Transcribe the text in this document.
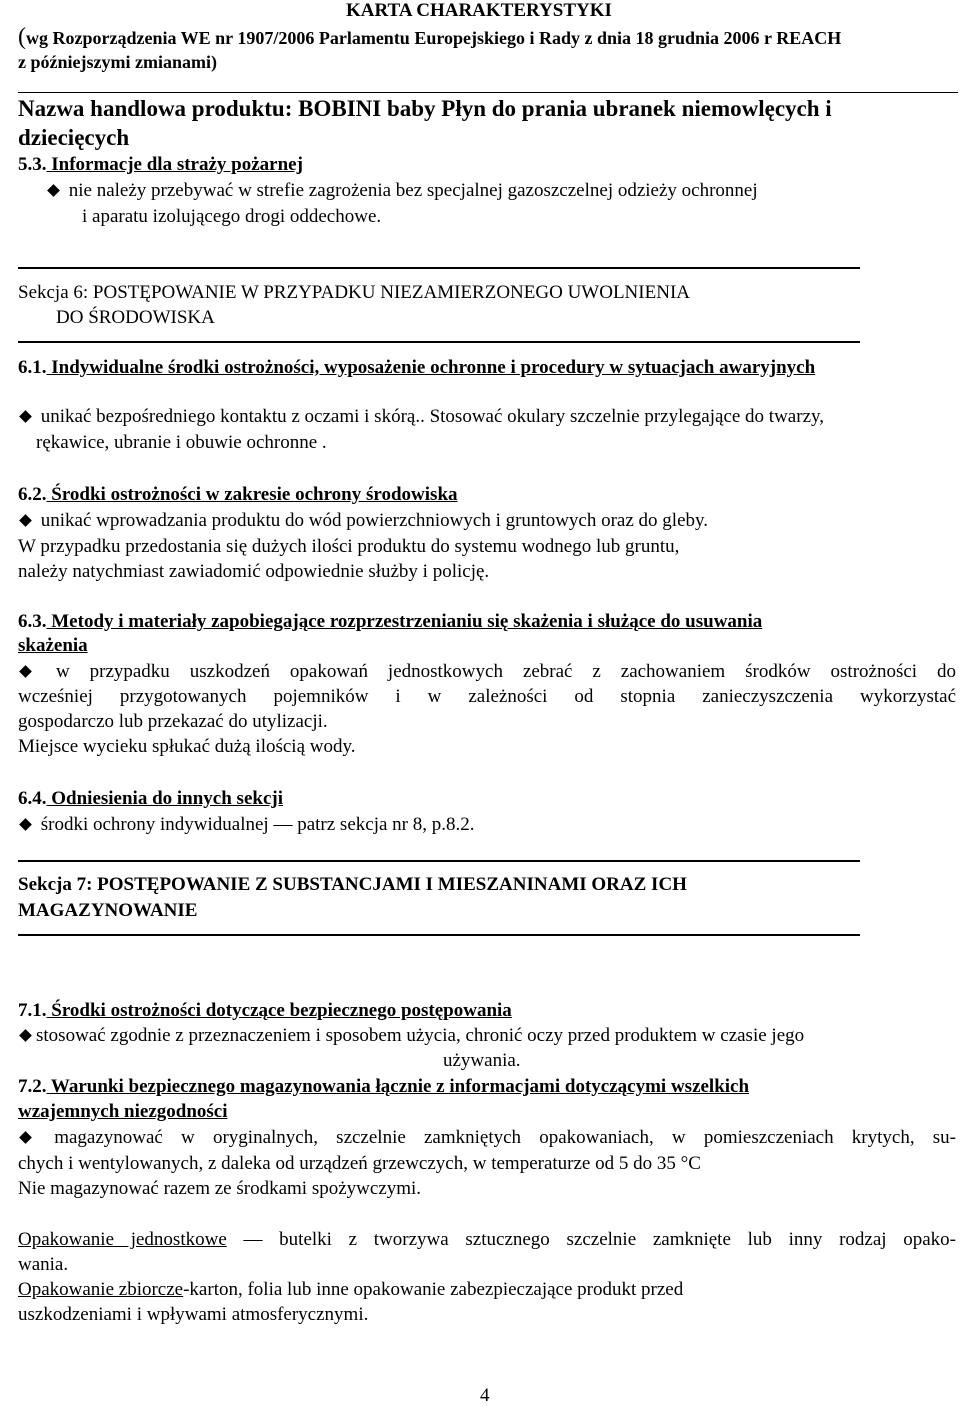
KARTA CHARAKTERYSTYKI
(wg Rozporządzenia WE nr 1907/2006 Parlamentu Europejskiego i Rady z dnia 18 grudnia 2006 r REACH
z późniejszymi zmianami)
Nazwa handlowa produktu: BOBINI baby Płyn do prania ubranek niemowlęcych i
dziecięcych
5.3. Informacje dla straży pożarnej
nie należy przebywać w strefie zagrożenia bez specjalnej gazoszczelnej odzieży ochronnej
i aparatu izolującego drogi oddechowe.
Sekcja 6: POSTĘPOWANIE W PRZYPADKU NIEZAMIERZONEGO UWOLNIENIA
DO ŚRODOWISKA
6.1. Indywidualne środki ostrożności, wyposażenie ochronne i procedury w sytuacjach awaryjnych
unikać bezpośredniego kontaktu z oczami i skórą.. Stosować okulary szczelnie przylegające do twarzy,
rękawice, ubranie i obuwie ochronne .
6.2. Środki ostrożności w zakresie ochrony środowiska
unikać wprowadzania produktu do wód powierzchniowych i gruntowych oraz do gleby.
W przypadku przedostania się dużych ilości produktu do systemu wodnego lub gruntu,
należy natychmiast zawiadomić odpowiednie służby i policję.
6.3. Metody i materiały zapobiegające rozprzestrzenianiu się skażenia i służące do usuwania
skażenia
w przypadku uszkodzeń opakowań jednostkowych zebrać z zachowaniem środków ostrożności do
wcześniej przygotowanych pojemników i w zależności od stopnia zanieczyszczenia wykorzystać
gospodarczo lub przekazać do utylizacji.
Miejsce wycieku spłukać dużą ilością wody.
6.4. Odniesienia do innych sekcji
środki ochrony indywidualnej — patrz sekcja nr 8, p.8.2.
Sekcja 7: POSTĘPOWANIE Z SUBSTANCJAMI I MIESZANINAMI ORAZ ICH
MAGAZYNOWANIE
7.1. Środki ostrożności dotyczące bezpiecznego postępowania
stosować zgodnie z przeznaczeniem i sposobem użycia, chronić oczy przed produktem w czasie jego
używania.
7.2. Warunki bezpiecznego magazynowania łącznie z informacjami dotyczącymi wszelkich
wzajemnych niezgodności
magazynować w oryginalnych, szczelnie zamkniętych opakowaniach, w pomieszczeniach krytych, su-
chych i wentylowanych, z daleka od urządzeń grzewczych, w temperaturze od 5 do 35 °C
Nie magazynować razem ze środkami spożywczymi.
Opakowanie jednostkowe — butelki z tworzywa sztucznego szczelnie zamknięte lub inny rodzaj opako-
wania.
Opakowanie zbiorcze-karton, folia lub inne opakowanie zabezpieczające produkt przed
uszkodzeniami i wpływami atmosferycznymi.
4
